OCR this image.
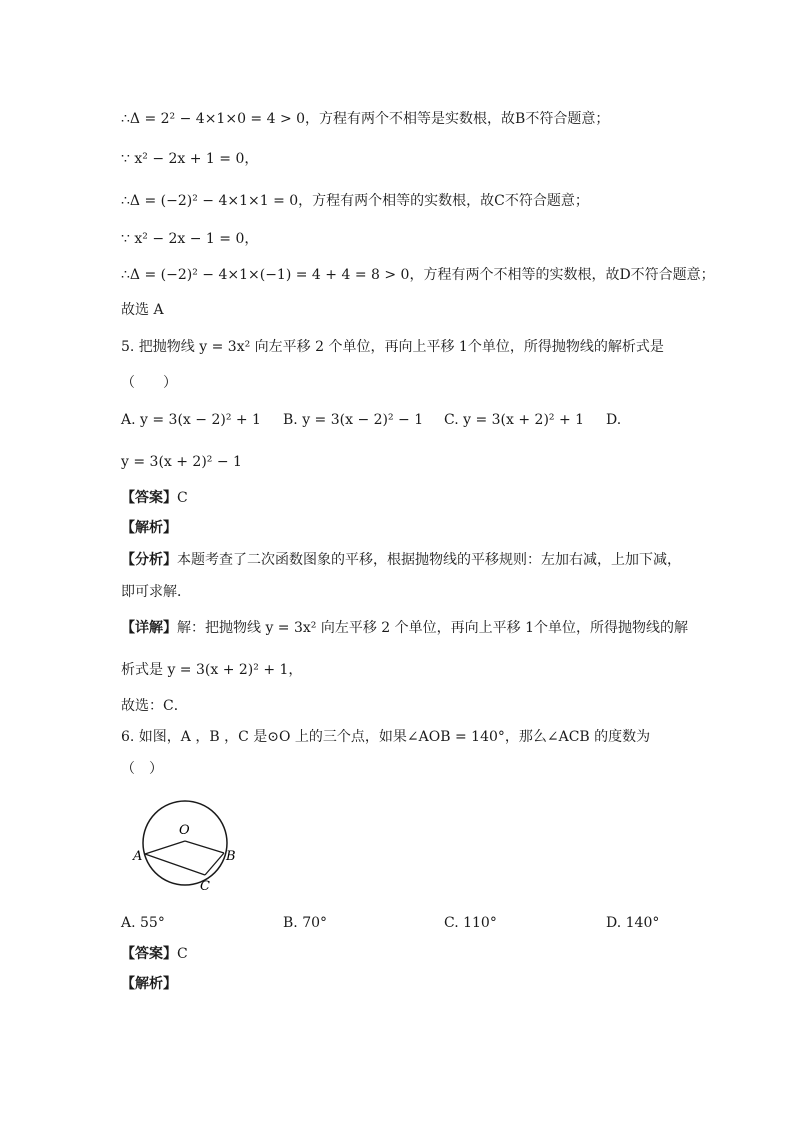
∴Δ = 2² − 4×1×0 = 4 > 0，方程有两个不相等是实数根，故B不符合题意；
∵ x² − 2x + 1 = 0，
∴Δ = (−2)² − 4×1×1 = 0，方程有两个相等的实数根，故C不符合题意；
∵ x² − 2x − 1 = 0，
∴Δ = (−2)² − 4×1×(−1) = 4 + 4 = 8 > 0，方程有两个不相等的实数根，故D不符合题意；
故选 A
5. 把抛物线 y = 3x² 向左平移 2 个单位，再向上平移 1个单位，所得抛物线的解析式是
（　　）
A. y = 3(x − 2)² + 1 B. y = 3(x − 2)² − 1 C. y = 3(x + 2)² + 1 D.
y = 3(x + 2)² − 1
【答案】C
【解析】
【分析】本题考查了二次函数图象的平移，根据抛物线的平移规则：左加右减，上加下减，
即可求解．
【详解】解：把抛物线 y = 3x² 向左平移 2 个单位，再向上平移 1个单位，所得抛物线的解
析式是 y = 3(x + 2)² + 1，
故选：C．
6. 如图，A ，B ，C 是⊙O 上的三个点，如果∠AOB = 140°，那么∠ACB 的度数为
（　）
O
A	B
C
A. 55°	B. 70°	C. 110°	D. 140°
【答案】C
【解析】
